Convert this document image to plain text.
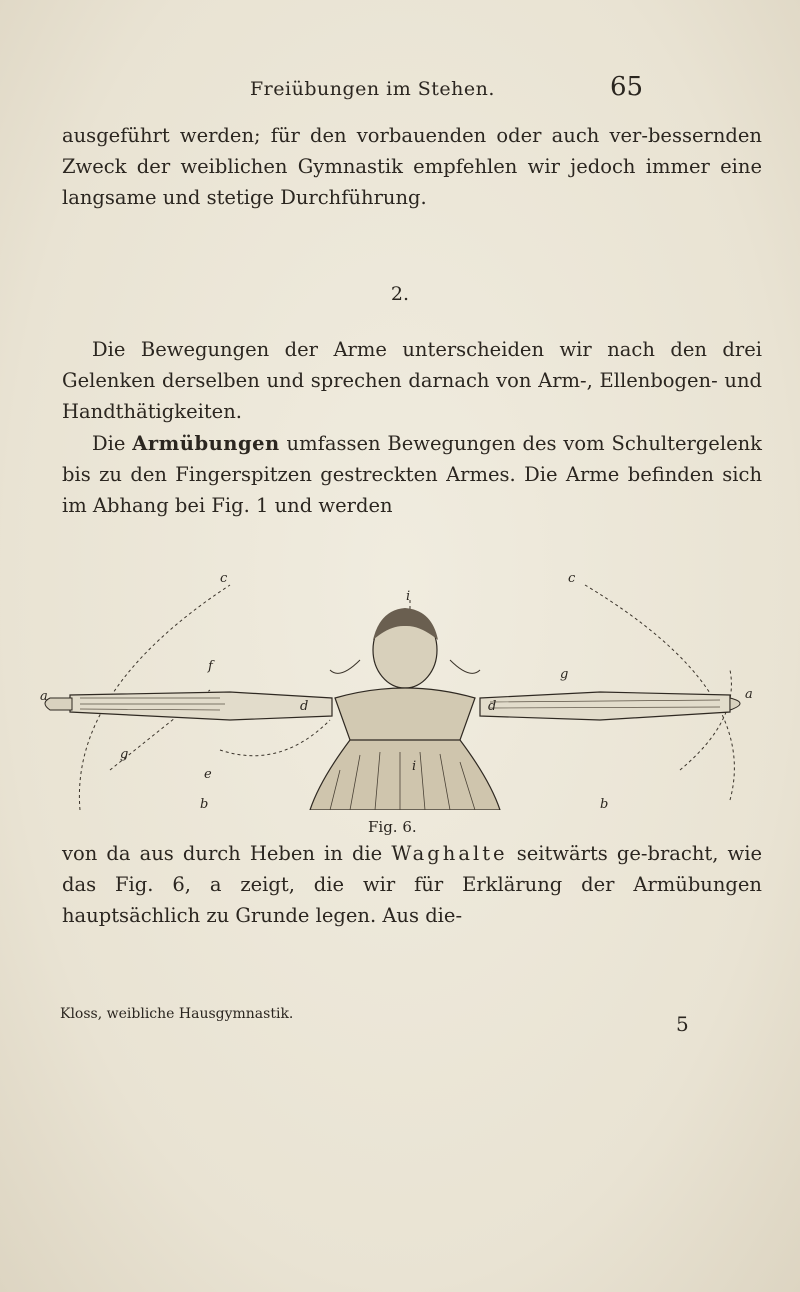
Freiübungen im Stehen.	65

ausgeführt werden; für den vorbauenden oder auch ver-bessernden Zweck der weiblichen Gymnastik empfehlen wir jedoch immer eine langsame und stetige Durchführung.

2.

Die Bewegungen der Arme unterscheiden wir nach den drei Gelenken derselben und sprechen darnach von Arm-, Ellenbogen- und Handthätigkeiten.

Die Armübungen umfassen Bewegungen des vom Schultergelenk bis zu den Fingerspitzen gestreckten Armes. Die Arme befinden sich im Abhang bei Fig. 1 und werden

c	c
i
f
g
a	a
d	d
g
e
i
b	b
Fig. 6.

von da aus durch Heben in die Waghalte seitwärts ge-bracht, wie das Fig. 6, a zeigt, die wir für Erklärung der Armübungen hauptsächlich zu Grunde legen. Aus die-

Kloss, weibliche Hausgymnastik.	5
